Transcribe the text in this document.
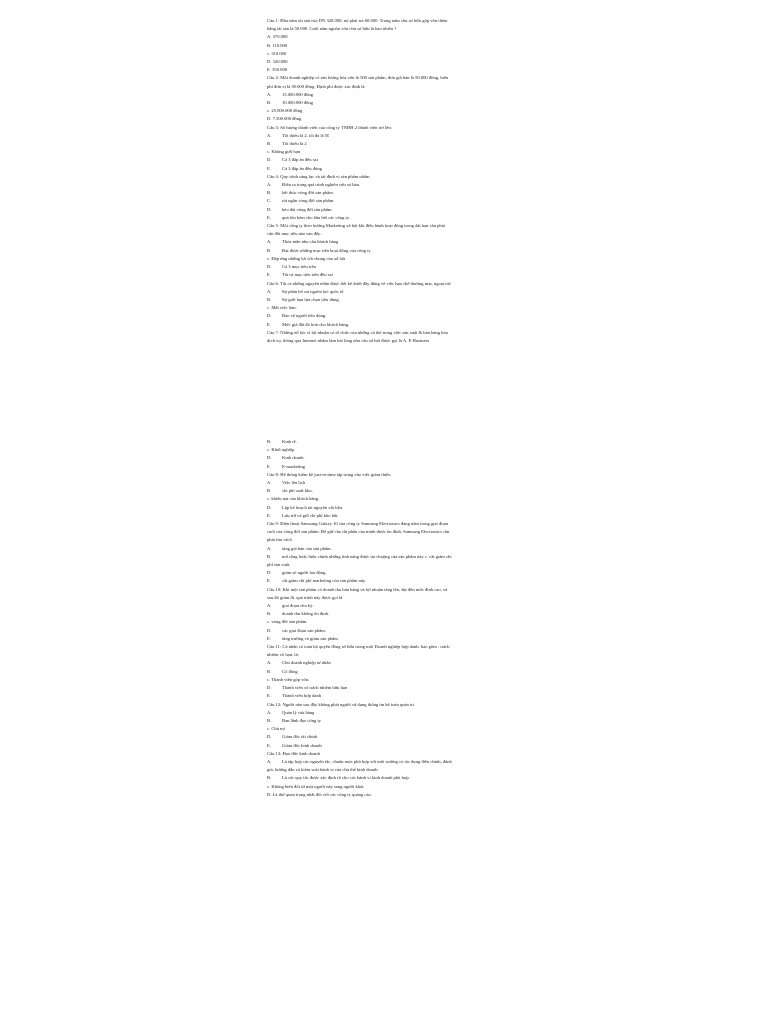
Câu 1: Đầu năm tài sản của DN 320.000; nợ phải trả 60.000. Trong năm chủ sở hữu góp vốn thêm
bằng tài sản là 50.000. Cuối năm nguồn vốn chủ sở hữu là bao nhiêu ?
A. 370.000
B. 110.000
c. 310.000
D. 320.000
E. 350.000
Câu 2: Một doanh nghiệp có sản lượng hòa vốn là 500 sản phẩm, đơn giá bán là 50.000 đồng, biến
phí đơn vị là 30.000 đồng. Định phí được xác định là
A.	15.000.000 đồng
B.	10.000.000 đồng
c. 25.000.000 đồng
D. 7.500.000 đồng
Câu 3: Số lượng thành viên của công ty TNHH 2 thành viên trở lên:
A.	Tối thiểu là 2, tối đa là 50
B.	Tối thiểu là 2
c. Không giới hạn
D.	Cả 3 đáp án đều sai
E.	Cả 3 đáp án đều đúng
Câu 4: Quy trình sáng lục và tái định vị sản phẩm nhằm
A.	Điều ra trong quá trình nghiên cứu sơ bản.
B.	kết thúc vòng đời sản phẩm.
C.	rút ngắn vòng đời sản phẩm.
D.	kéo dài vòng đời sản phẩm.
E.	quá tốn kém cho hầu hết các công ty.
Câu 5: Một công ty theo hướng Marketing xã hội khi điều hành hoạt động trong dài hạn cần phải
cân đối mục tiêu nào sau đây:
A.	Thỏa mãn nhu cầu khách hàng
B.	Đạt được những mục tiêu hoạt động của công ty
c. Đáp ứng những lợi ích chung của xã hội
D.	Cả 3 mục tiêu trên
E.	Tất cả mục tiêu trên đều sai
Câu 6: Tất cả những nguyên nhân được liệt kê dưới đây đúng về việc hạn chế thương mại, ngoại trừ
A.	Sự phân bổ sai nguồn lực quốc tế.
B.	Sự giới hạn lựa chọn tiêu dùng.
c. Mất việc làm.
D.	Bảo vệ người tiêu dùng.
E.	Mức giá đắt đỏ hơn cho khách hàng.
Câu 7: Những nỗ lực vì lợi nhuận có tổ chức của những cá thể trong việc sản xuất & bán hàng hóa
dịch vụ, thông qua Internet nhằm làm hài lòng nhu cầu xã hội được gọi là A. E-Business
B.	Kinh tế.
c. Khởi nghiệp
D.	Kinh doanh.
E.	E-marketing
Câu 8: Hệ thống kiểm kê just-in-time tập trung vào việc giảm thiểu
A.	Việc lên lịch
B.	chi phí xuất kho.
c. khiếu nại của khách hàng.
D.	Lập kế hoạch tài nguyên vật liệu.
E.	Lưu trữ và giữ chi phí kho bãi.
Câu 9: Điện thoại Samsung Galaxy 10 của công ty Samsung Electronics đang nằm trong giai đoạn
cuối của vòng đời sản phẩm. Để giữ cho thị phần của mình được ổn định, Samsung Electronics cần
phải tìm cách
A.	tăng giá bán của sản phẩm.
B.	mở rộng hoặc hiệu chỉnh những tính năng được ưa chuộng của sản phẩm này c. cắt giảm chi
phí sản xuất.
D.	giảm số người lao động.
E.	cắt giảm chi phí marketing của sản phẩm này.
Câu 10: Khi một sản phẩm có doanh thu bán hàng và lợi nhuận tăng lên, đạt đến mức đỉnh cao, và
sau đó giảm đi, quá trình này được gọi là
A.	giai đoạn chu kỳ.
B.	doanh thu không ổn định.
c. vòng đời sản phẩm.
D.	các giai đoạn sản phẩm.
E.	tăng trưởng và giảm sản phẩm
Câu 11: Cá nhân có toàn bộ quyền đồng sở hữu trong một Doanh nghiệp hợp danh, bao gồm : trách
nhiệm vô hạn, là:
A.	Chủ doanh nghiệp tư nhân
B.	Cổ đông
c. Thành viên góp vốn.
D.	Thành viên có trách nhiệm hữu hạn
E.	Thành viên hợp danh
Câu 12: Người nào sau đây không phải người sử dụng thông tin kế toán quản trị
A.	Quản lý cửa hàng
B.	Ban lãnh đạo công ty
c. Chủ nợ
D.	Giám đốc tài chính
E.	Giám đốc kinh doanh
Câu 13: Đạo đức kinh doanh
A.	Là tập hợp các nguyên tắc, chuẩn mực phù hợp với môi trường có tác dụng điều chỉnh, đánh
giá, hướng dẫn và kiểm soát hành vi của chủ thể kinh doanh.
B.	Là các quy tắc được xác định rõ cho các hành vi kinh doanh phù hợp.
c. Không biến đổi từ một người này sang người khác
D. Là thứ quan trọng nhất đối với các công ty quảng cáo.
